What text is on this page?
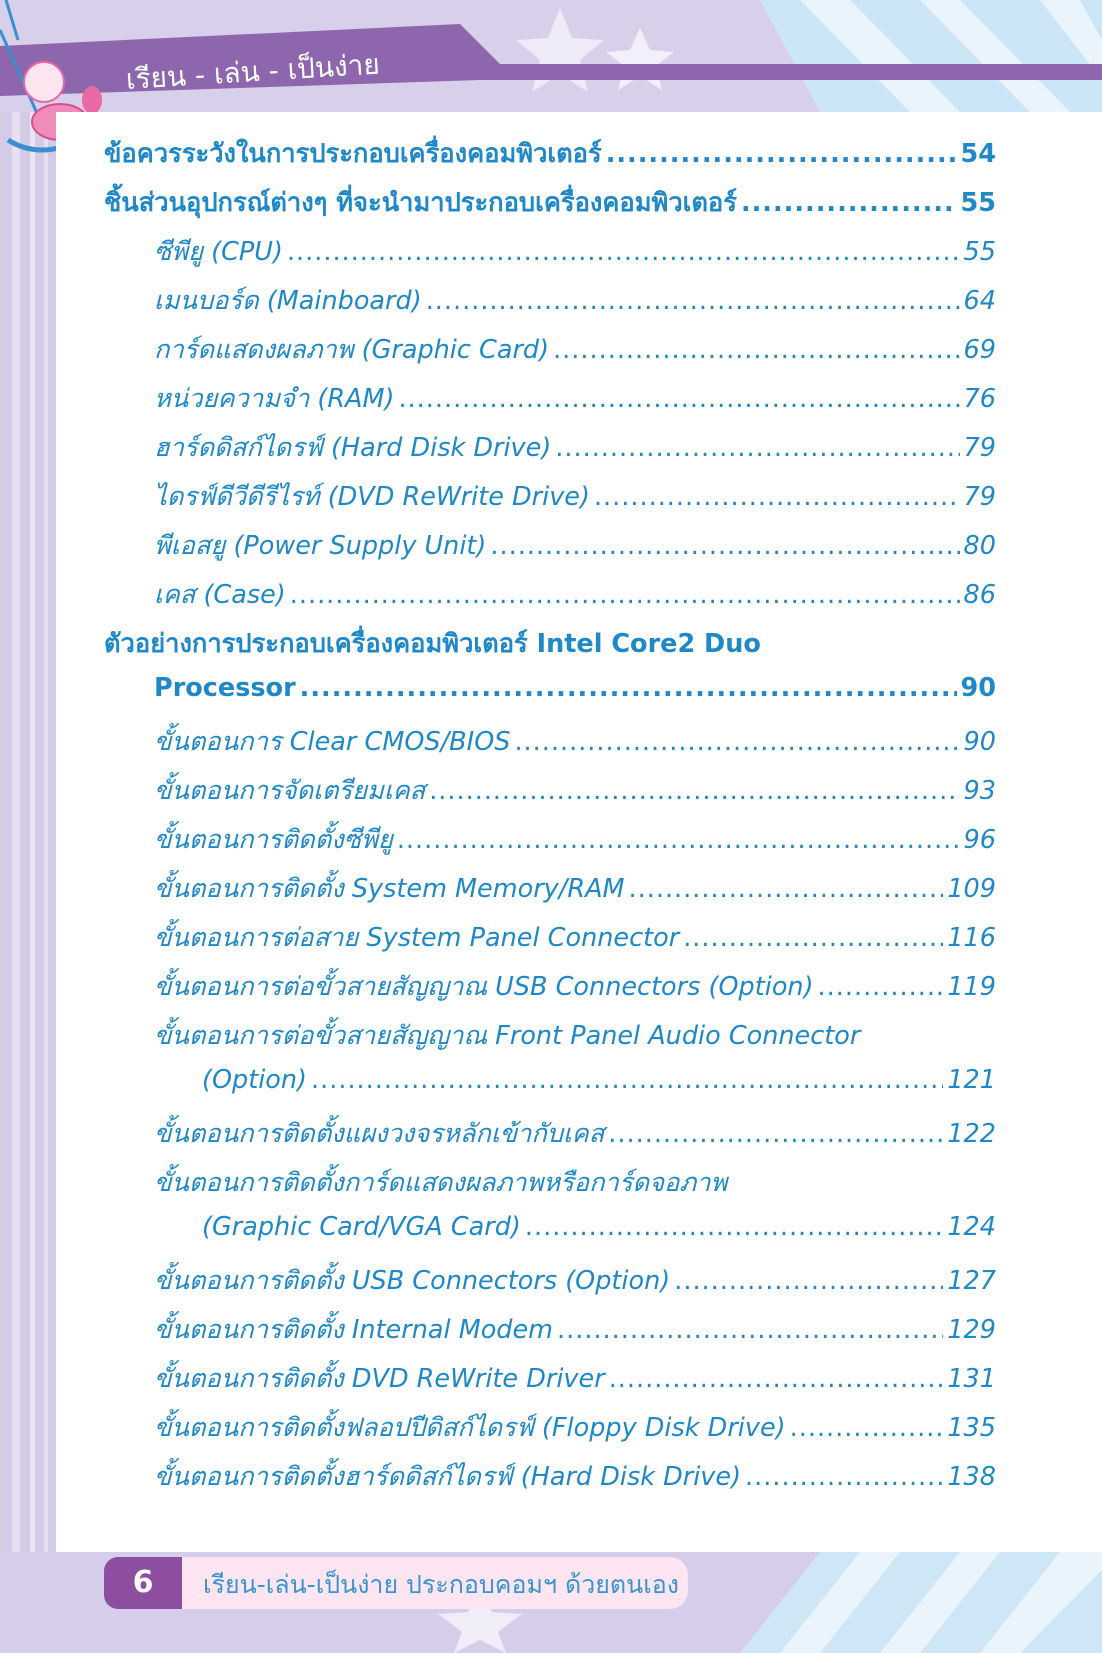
เรียน - เล่น - เป็นง่าย
ข้อควรระวังในการประกอบเครื่องคอมพิวเตอร์ .....	54
ชิ้นส่วนอุปกรณ์ต่างๆ ที่จะนำมาประกอบเครื่องคอมพิวเตอร์ .....	55
ซีพียู (CPU) .....	55
เมนบอร์ด (Mainboard) .....	64
การ์ดแสดงผลภาพ (Graphic Card) .....	69
หน่วยความจำ (RAM) .....	76
ฮาร์ดดิสก์ไดรฟ์ (Hard Disk Drive) .....	79
ไดรฟ์ดีวีดีรีไรท์ (DVD ReWrite Drive) .....	79
พีเอสยู (Power Supply Unit) .....	80
เคส (Case) .....	86
ตัวอย่างการประกอบเครื่องคอมพิวเตอร์ Intel Core2 Duo
Processor .....	90
ขั้นตอนการ Clear CMOS/BIOS .....	90
ขั้นตอนการจัดเตรียมเคส .....	93
ขั้นตอนการติดตั้งซีพียู .....	96
ขั้นตอนการติดตั้ง System Memory/RAM .....	109
ขั้นตอนการต่อสาย System Panel Connector .....	116
ขั้นตอนการต่อขั้วสายสัญญาณ USB Connectors (Option) .....	119
ขั้นตอนการต่อขั้วสายสัญญาณ Front Panel Audio Connector
(Option) .....	121
ขั้นตอนการติดตั้งแผงวงจรหลักเข้ากับเคส .....	122
ขั้นตอนการติดตั้งการ์ดแสดงผลภาพหรือการ์ดจอภาพ
(Graphic Card/VGA Card) .....	124
ขั้นตอนการติดตั้ง USB Connectors (Option) .....	127
ขั้นตอนการติดตั้ง Internal Modem .....	129
ขั้นตอนการติดตั้ง DVD ReWrite Driver .....	131
ขั้นตอนการติดตั้งฟลอปปีดิสก์ไดรฟ์ (Floppy Disk Drive) .....	135
ขั้นตอนการติดตั้งฮาร์ดดิสก์ไดรฟ์ (Hard Disk Drive) .....	138
6	เรียน-เล่น-เป็นง่าย ประกอบคอมฯ ด้วยตนเอง
